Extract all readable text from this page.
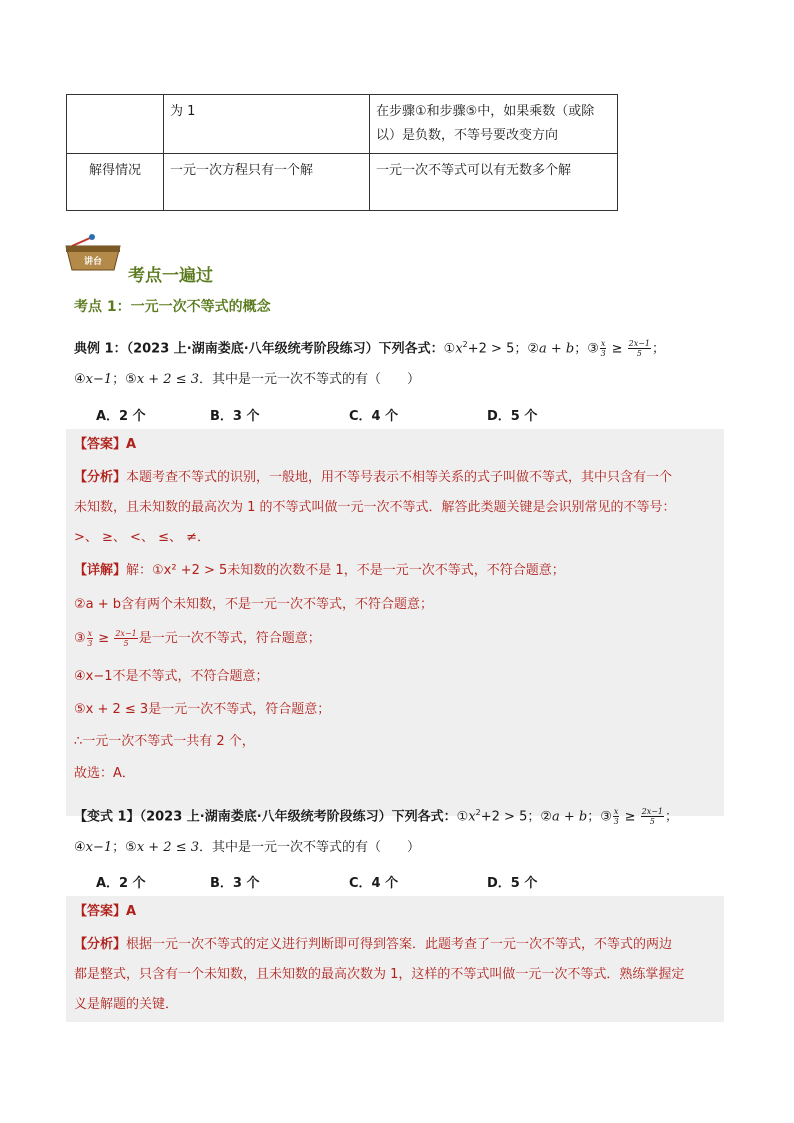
	为 1	在步骤①和步骤⑤中，如果乘数（或除以）是负数，不等号要改变方向
解得情况	一元一次方程只有一个解	一元一次不等式可以有无数多个解
讲台
考点一遍过
考点 1：一元一次不等式的概念
典例 1：（2023 上·湖南娄底·八年级统考阶段练习）下列各式：$①x^2+2 > 5$；②a + b；③ $\frac{x}{3} \ge \frac{2x-1}{5}$ ；
④x−1；⑤x + 2 ≤ 3．其中是一元一次不等式的有（　　）
A．2 个	B．3 个	C．4 个	D．5 个
【答案】A
【分析】本题考查不等式的识别，一般地，用不等号表示不相等关系的式子叫做不等式，其中只含有一个
未知数，且未知数的最高次为 1 的不等式叫做一元一次不等式．解答此类题关键是会识别常见的不等号：
>、 ≥、 <、 ≤、 ≠．
【详解】解：①x² +2 > 5未知数的次数不是 1，不是一元一次不等式，不符合题意；
②a + b含有两个未知数，不是一元一次不等式，不符合题意；
③ $\frac{x}{3} \ge \frac{2x-1}{5}$ 是一元一次不等式，符合题意；
④x−1不是不等式，不符合题意；
⑤x + 2 ≤ 3是一元一次不等式，符合题意；
∴一元一次不等式一共有 2 个，
故选：A．
【变式 1】（2023 上·湖南娄底·八年级统考阶段练习）下列各式：$①x^2+2 > 5$；②a + b；③ $\frac{x}{3} \ge \frac{2x-1}{5}$ ；
④x−1；⑤x + 2 ≤ 3．其中是一元一次不等式的有（　　）
A．2 个	B．3 个	C．4 个	D．5 个
【答案】A
【分析】根据一元一次不等式的定义进行判断即可得到答案．此题考查了一元一次不等式，不等式的两边
都是整式，只含有一个未知数，且未知数的最高次数为 1，这样的不等式叫做一元一次不等式．熟练掌握定
义是解题的关键．
